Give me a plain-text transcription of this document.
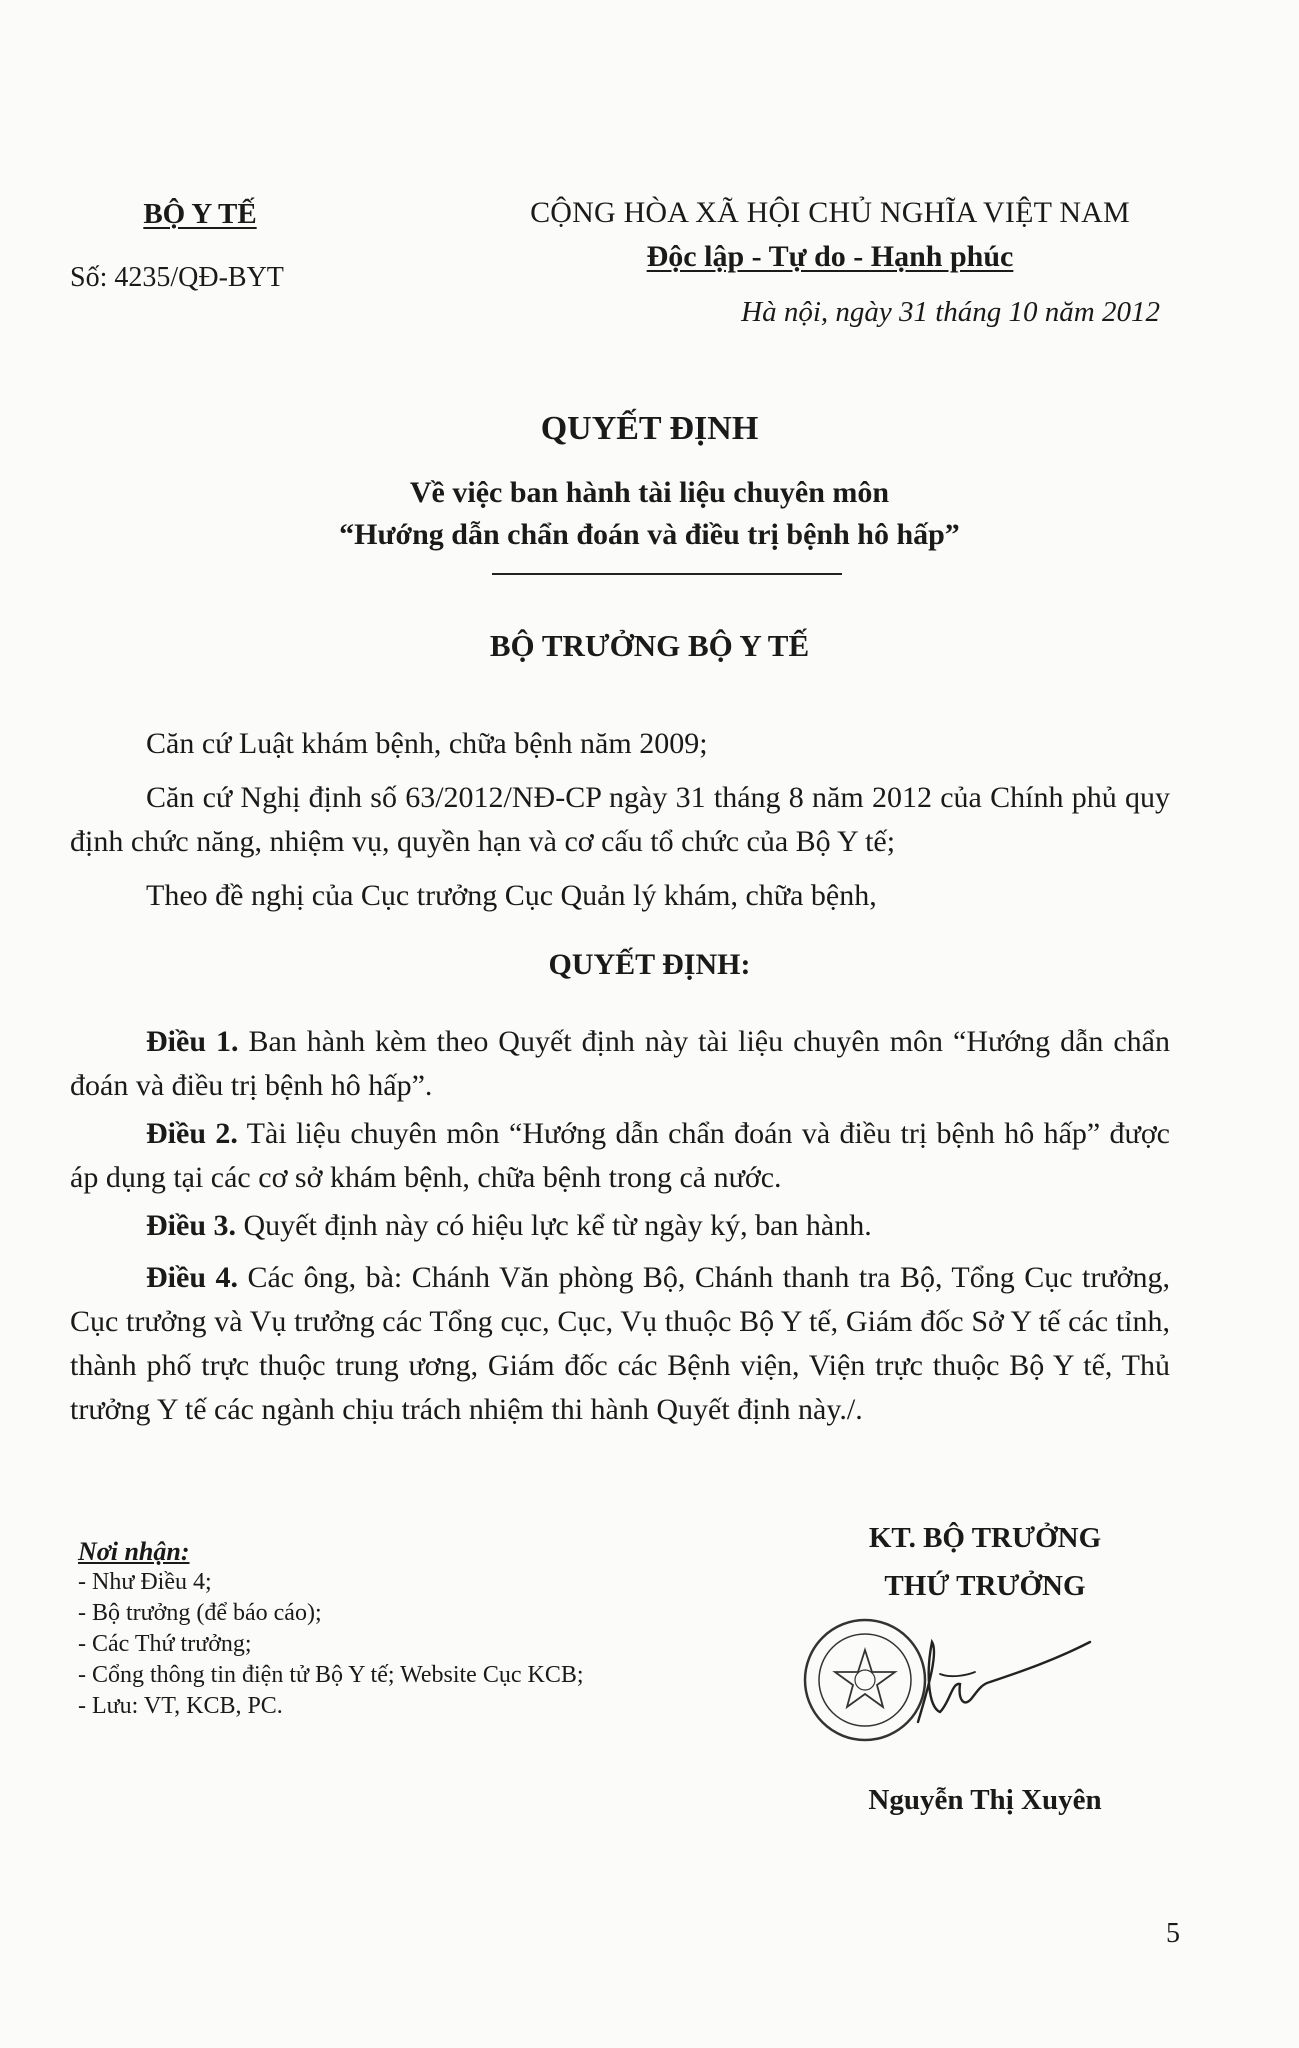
BỘ Y TẾ
Số: 4235/QĐ-BYT
CỘNG HÒA XÃ HỘI CHỦ NGHĨA VIỆT NAM
Độc lập - Tự do - Hạnh phúc
Hà nội, ngày 31 tháng 10 năm 2012
QUYẾT ĐỊNH
Về việc ban hành tài liệu chuyên môn
“Hướng dẫn chẩn đoán và điều trị bệnh hô hấp”
BỘ TRƯỞNG BỘ Y TẾ
Căn cứ Luật khám bệnh, chữa bệnh năm 2009;
Căn cứ Nghị định số 63/2012/NĐ-CP ngày 31 tháng 8 năm 2012 của Chính phủ quy định chức năng, nhiệm vụ, quyền hạn và cơ cấu tổ chức của Bộ Y tế;
Theo đề nghị của Cục trưởng Cục Quản lý khám, chữa bệnh,
QUYẾT ĐỊNH:
Điều 1. Ban hành kèm theo Quyết định này tài liệu chuyên môn “Hướng dẫn chẩn đoán và điều trị bệnh hô hấp”.
Điều 2. Tài liệu chuyên môn “Hướng dẫn chẩn đoán và điều trị bệnh hô hấp” được áp dụng tại các cơ sở khám bệnh, chữa bệnh trong cả nước.
Điều 3. Quyết định này có hiệu lực kể từ ngày ký, ban hành.
Điều 4. Các ông, bà: Chánh Văn phòng Bộ, Chánh thanh tra Bộ, Tổng Cục trưởng, Cục trưởng và Vụ trưởng các Tổng cục, Cục, Vụ thuộc Bộ Y tế, Giám đốc Sở Y tế các tỉnh, thành phố trực thuộc trung ương, Giám đốc các Bệnh viện, Viện trực thuộc Bộ Y tế, Thủ trưởng Y tế các ngành chịu trách nhiệm thi hành Quyết định này./.
Nơi nhận:
- Như Điều 4;
- Bộ trưởng (để báo cáo);
- Các Thứ trưởng;
- Cổng thông tin điện tử Bộ Y tế; Website Cục KCB;
- Lưu: VT, KCB, PC.
KT. BỘ TRƯỞNG
THỨ TRƯỞNG
Nguyễn Thị Xuyên
5
